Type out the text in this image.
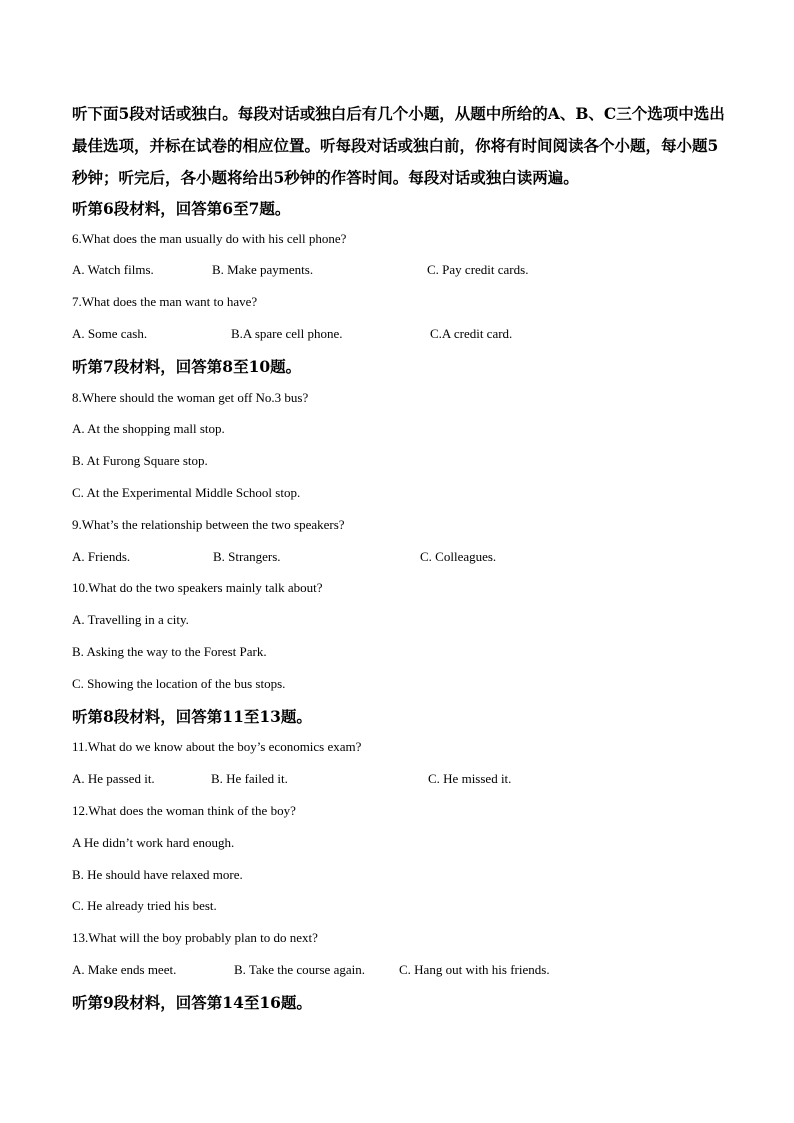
听下面5段对话或独白。每段对话或独白后有几个小题，从题中所给的A、B、C三个选项中选出最佳选项，并标在试卷的相应位置。听每段对话或独白前，你将有时间阅读各个小题，每小题5秒钟；听完后，各小题将给出5秒钟的作答时间。每段对话或独白读两遍。

听第6段材料，回答第6至7题。
6.What does the man usually do with his cell phone?
A. Watch films.	B. Make payments.	C. Pay credit cards.
7.What does the man want to have?
A. Some cash.	B.A spare cell phone.	C.A credit card.
听第7段材料，回答第8至10题。
8.Where should the woman get off No.3 bus?
A. At the shopping mall stop.
B. At Furong Square stop.
C. At the Experimental Middle School stop.
9.What’s the relationship between the two speakers?
A. Friends.	B. Strangers.	C. Colleagues.
10.What do the two speakers mainly talk about?
A. Travelling in a city.
B. Asking the way to the Forest Park.
C. Showing the location of the bus stops.
听第8段材料，回答第11至13题。
11.What do we know about the boy’s economics exam?
A. He passed it.	B. He failed it.	C. He missed it.
12.What does the woman think of the boy?
A He didn’t work hard enough.
B. He should have relaxed more.
C. He already tried his best.
13.What will the boy probably plan to do next?
A. Make ends meet.	B. Take the course again.	C. Hang out with his friends.
听第9段材料，回答第14至16题。
